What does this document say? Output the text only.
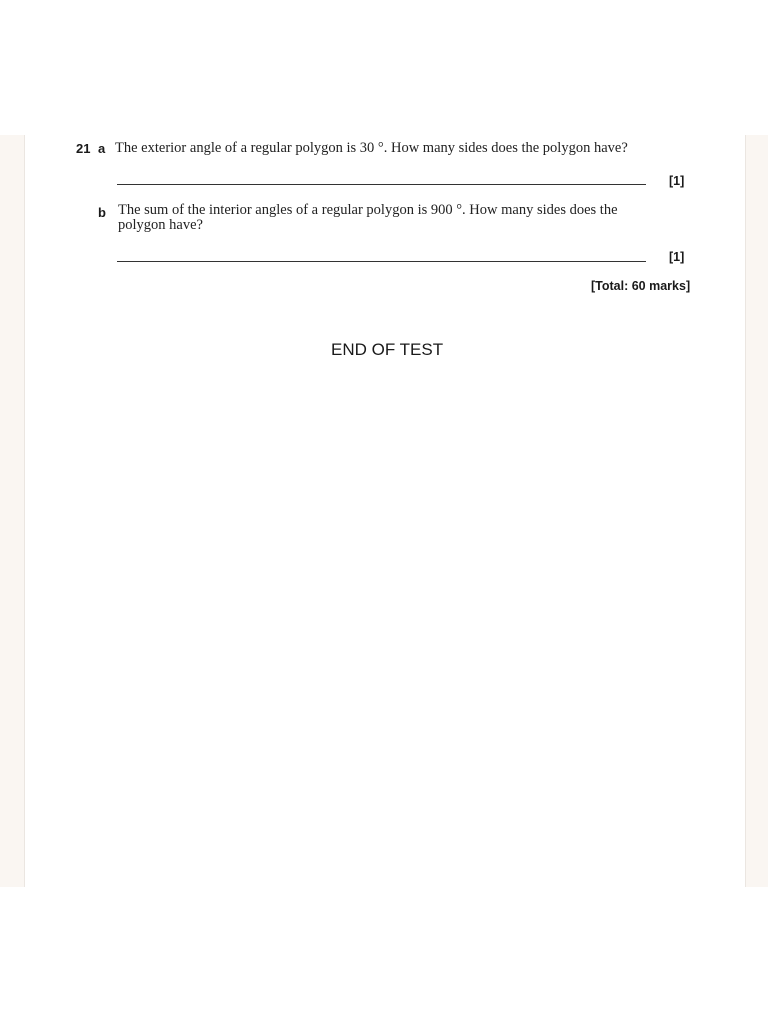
21 a The exterior angle of a regular polygon is 30 °. How many sides does the polygon have?
[1]
b The sum of the interior angles of a regular polygon is 900 °. How many sides does the polygon have?
[1]
[Total: 60 marks]
END OF TEST
